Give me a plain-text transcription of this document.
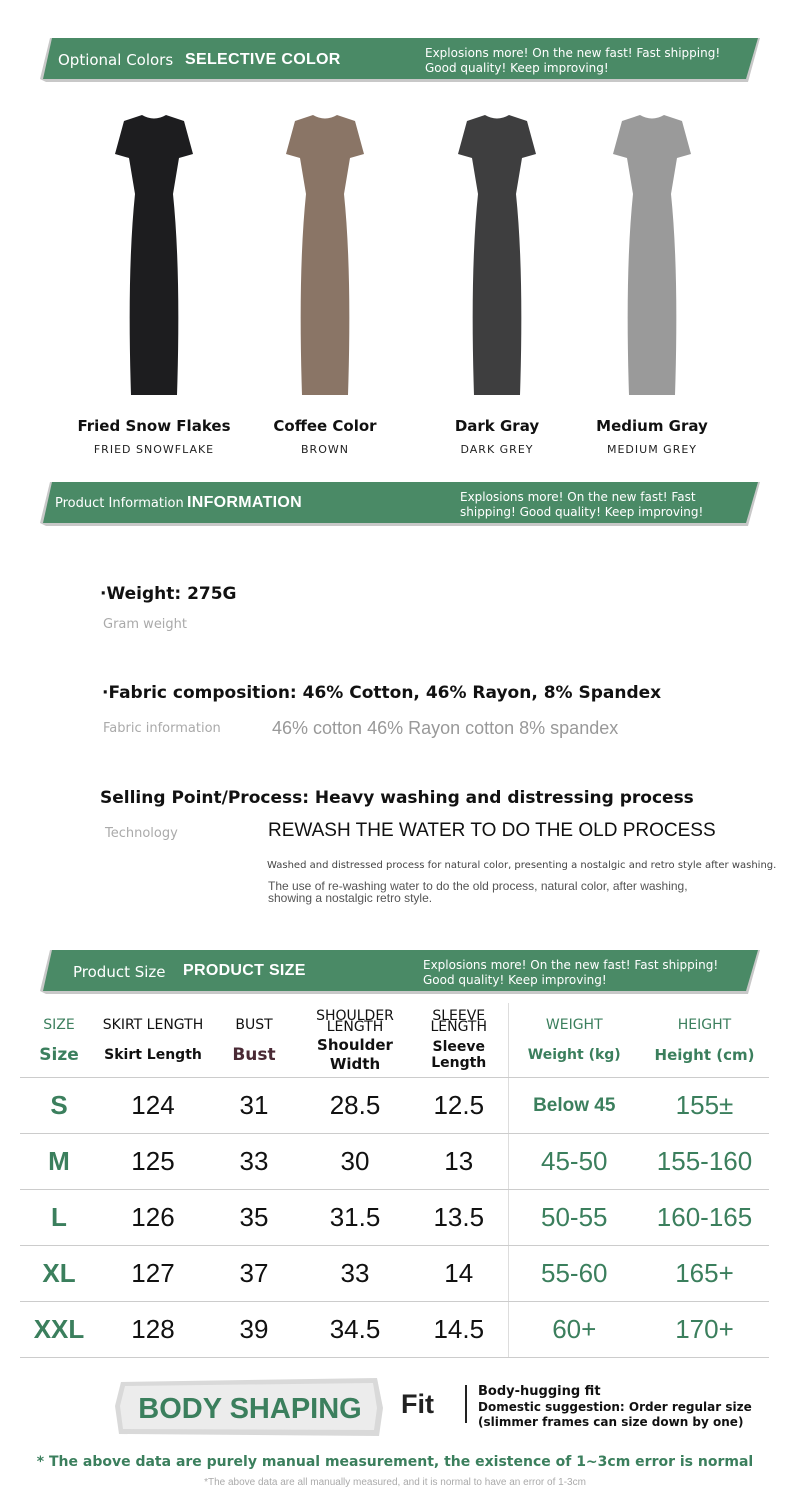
Optional Colors SELECTIVE COLOR	Explosions more! On the new fast! Fast shipping! Good quality! Keep improving!
Fried Snow Flakes
FRIED SNOWFLAKE
Coffee Color
BROWN
Dark Gray
DARK GREY
Medium Gray
MEDIUM GREY
Product Information INFORMATION	Explosions more! On the new fast! Fast shipping! Good quality! Keep improving!
·Weight: 275G
Gram weight
·Fabric composition: 46% Cotton, 46% Rayon, 8% Spandex
Fabric information	46% cotton 46% Rayon cotton 8% spandex
Selling Point/Process: Heavy washing and distressing process
Technology	REWASH THE WATER TO DO THE OLD PROCESS
Washed and distressed process for natural color, presenting a nostalgic and retro style after washing.
The use of re-washing water to do the old process, natural color, after washing, showing a nostalgic retro style.
Product Size PRODUCT SIZE	Explosions more! On the new fast! Fast shipping! Good quality! Keep improving!
SIZE	SKIRT LENGTH	BUST	SHOULDER LENGTH	SLEEVE LENGTH	WEIGHT	HEIGHT
Size	Skirt Length	Bust	Shoulder Width	Sleeve Length	Weight (kg)	Height (cm)
S	124	31	28.5	12.5	Below 45	155±
M	125	33	30	13	45-50	155-160
L	126	35	31.5	13.5	50-55	160-165
XL	127	37	33	14	55-60	165+
XXL	128	39	34.5	14.5	60+	170+
BODY SHAPING Fit	Body-hugging fit
Domestic suggestion: Order regular size (slimmer frames can size down by one)
* The above data are purely manual measurement, the existence of 1~3cm error is normal
*The above data are all manually measured, and it is normal to have an error of 1-3cm
